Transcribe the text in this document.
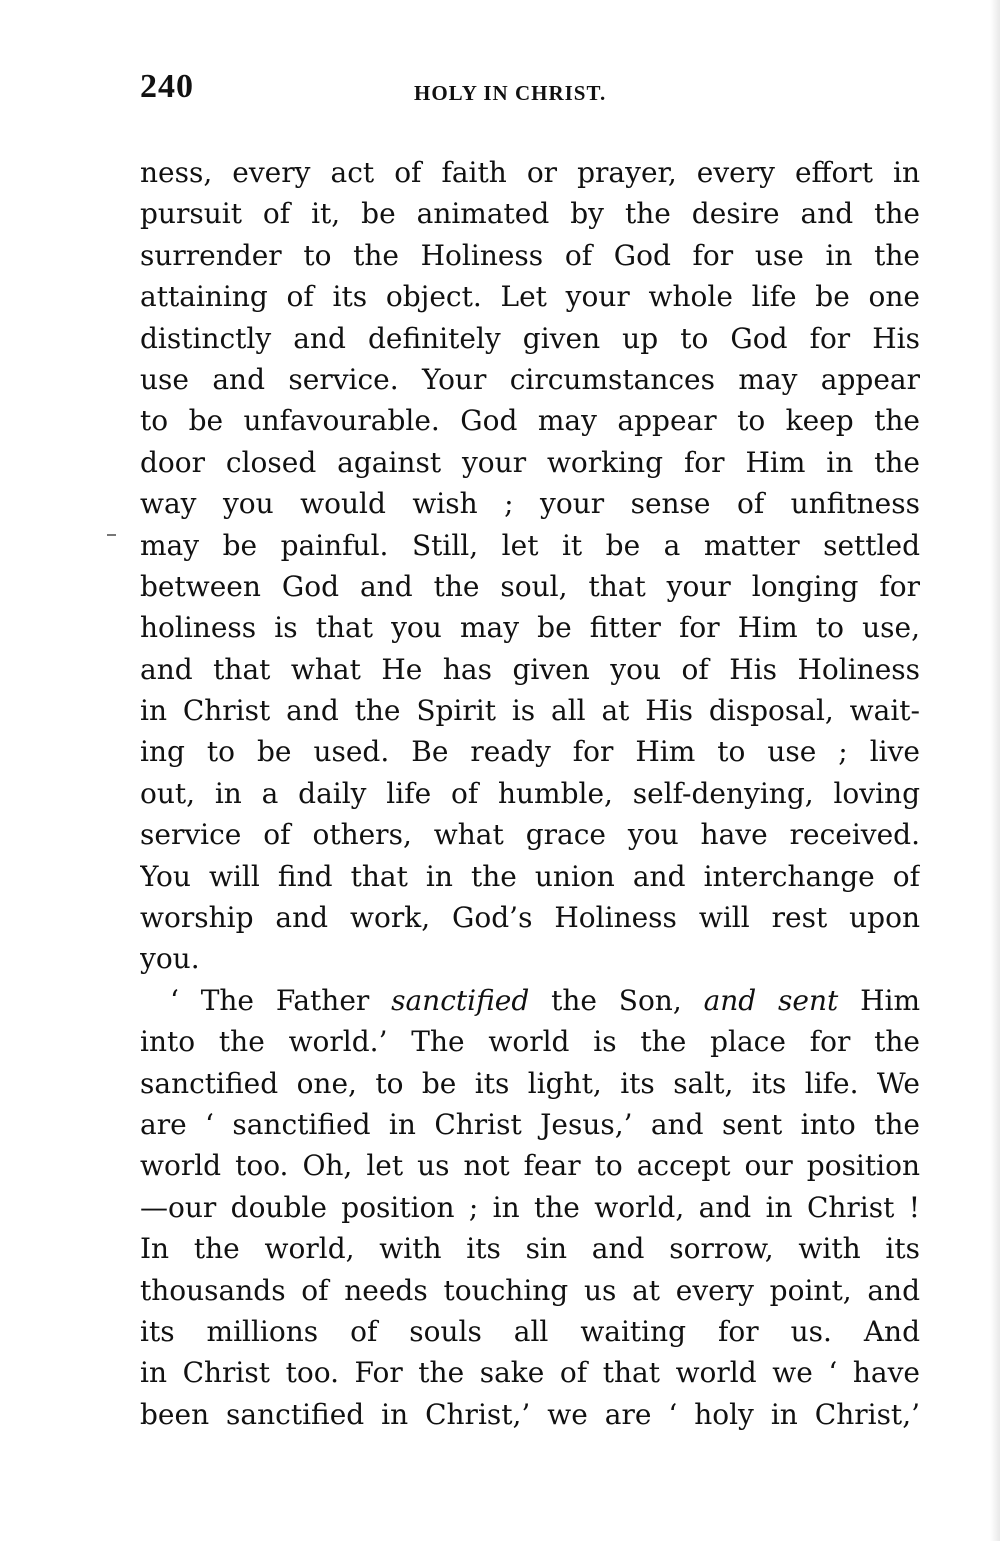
240	HOLY IN CHRIST.
ness, every act of faith or prayer, every effort in
pursuit of it, be animated by the desire and the
surrender to the Holiness of God for use in the
attaining of its object. Let your whole life be one
distinctly and definitely given up to God for His
use and service. Your circumstances may appear
to be unfavourable. God may appear to keep the
door closed against your working for Him in the
way you would wish ; your sense of unfitness
may be painful. Still, let it be a matter settled
between God and the soul, that your longing for
holiness is that you may be fitter for Him to use,
and that what He has given you of His Holiness
in Christ and the Spirit is all at His disposal, wait-
ing to be used. Be ready for Him to use ; live
out, in a daily life of humble, self-denying, loving
service of others, what grace you have received.
You will find that in the union and interchange of
worship and work, God’s Holiness will rest upon
you.
‘ The Father sanctified the Son, and sent Him
into the world.’ The world is the place for the
sanctified one, to be its light, its salt, its life. We
are ‘ sanctified in Christ Jesus,’ and sent into the
world too. Oh, let us not fear to accept our position
—our double position ; in the world, and in Christ !
In the world, with its sin and sorrow, with its
thousands of needs touching us at every point, and
its millions of souls all waiting for us. And
in Christ too. For the sake of that world we ‘ have
been sanctified in Christ,’ we are ‘ holy in Christ,’
